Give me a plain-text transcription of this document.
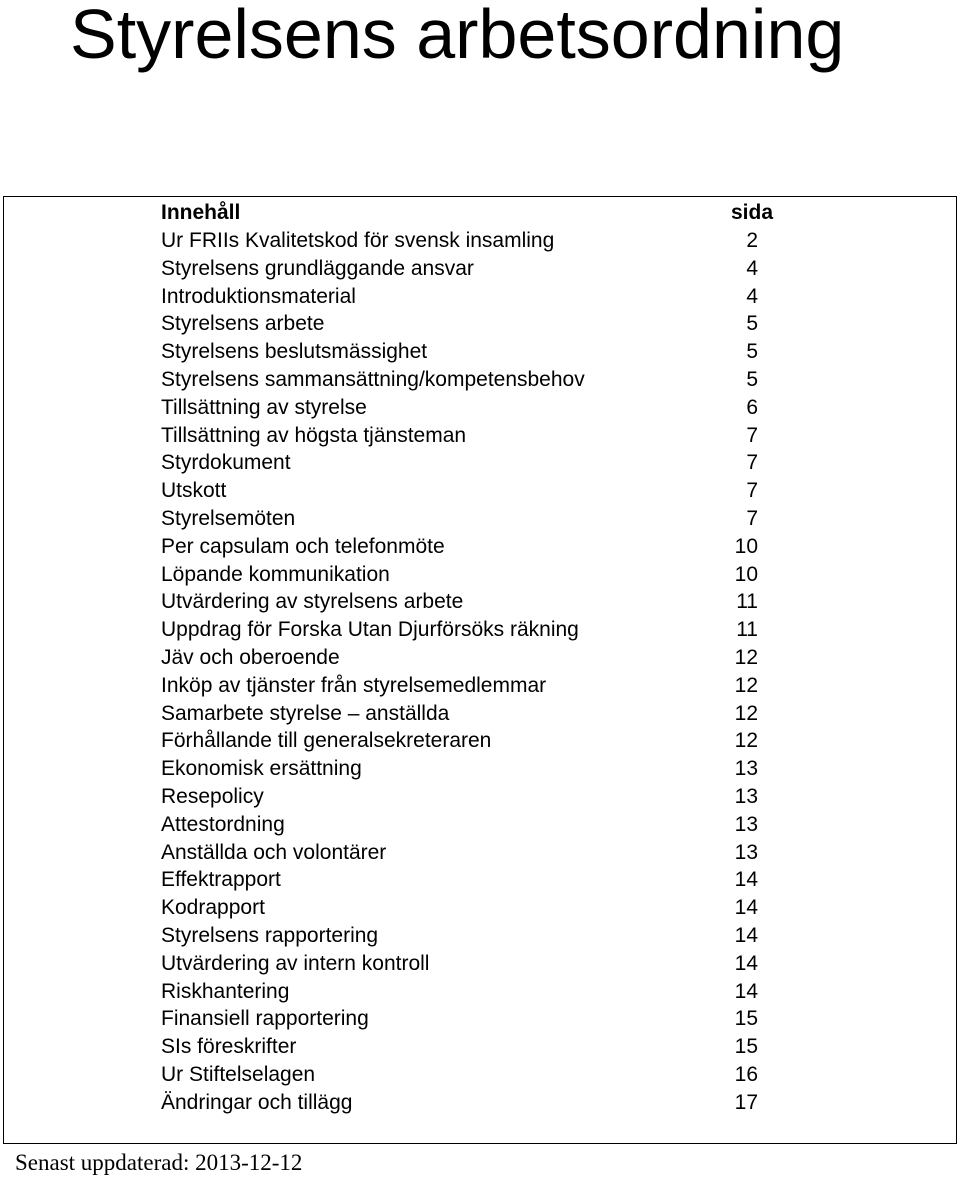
Styrelsens arbetsordning
Innehåll	sida
Ur FRIIs Kvalitetskod för svensk insamling	2
Styrelsens grundläggande ansvar	4
Introduktionsmaterial	4
Styrelsens arbete	5
Styrelsens beslutsmässighet	5
Styrelsens sammansättning/kompetensbehov	5
Tillsättning av styrelse	6
Tillsättning av högsta tjänsteman	7
Styrdokument	7
Utskott	7
Styrelsemöten	7
Per capsulam och telefonmöte	10
Löpande kommunikation	10
Utvärdering av styrelsens arbete	11
Uppdrag för Forska Utan Djurförsöks räkning	11
Jäv och oberoende	12
Inköp av tjänster från styrelsemedlemmar	12
Samarbete styrelse – anställda	12
Förhållande till generalsekreteraren	12
Ekonomisk ersättning	13
Resepolicy	13
Attestordning	13
Anställda och volontärer	13
Effektrapport	14
Kodrapport	14
Styrelsens rapportering	14
Utvärdering av intern kontroll	14
Riskhantering	14
Finansiell rapportering	15
SIs föreskrifter	15
Ur Stiftelselagen	16
Ändringar och tillägg	17
Senast uppdaterad: 2013-12-12
